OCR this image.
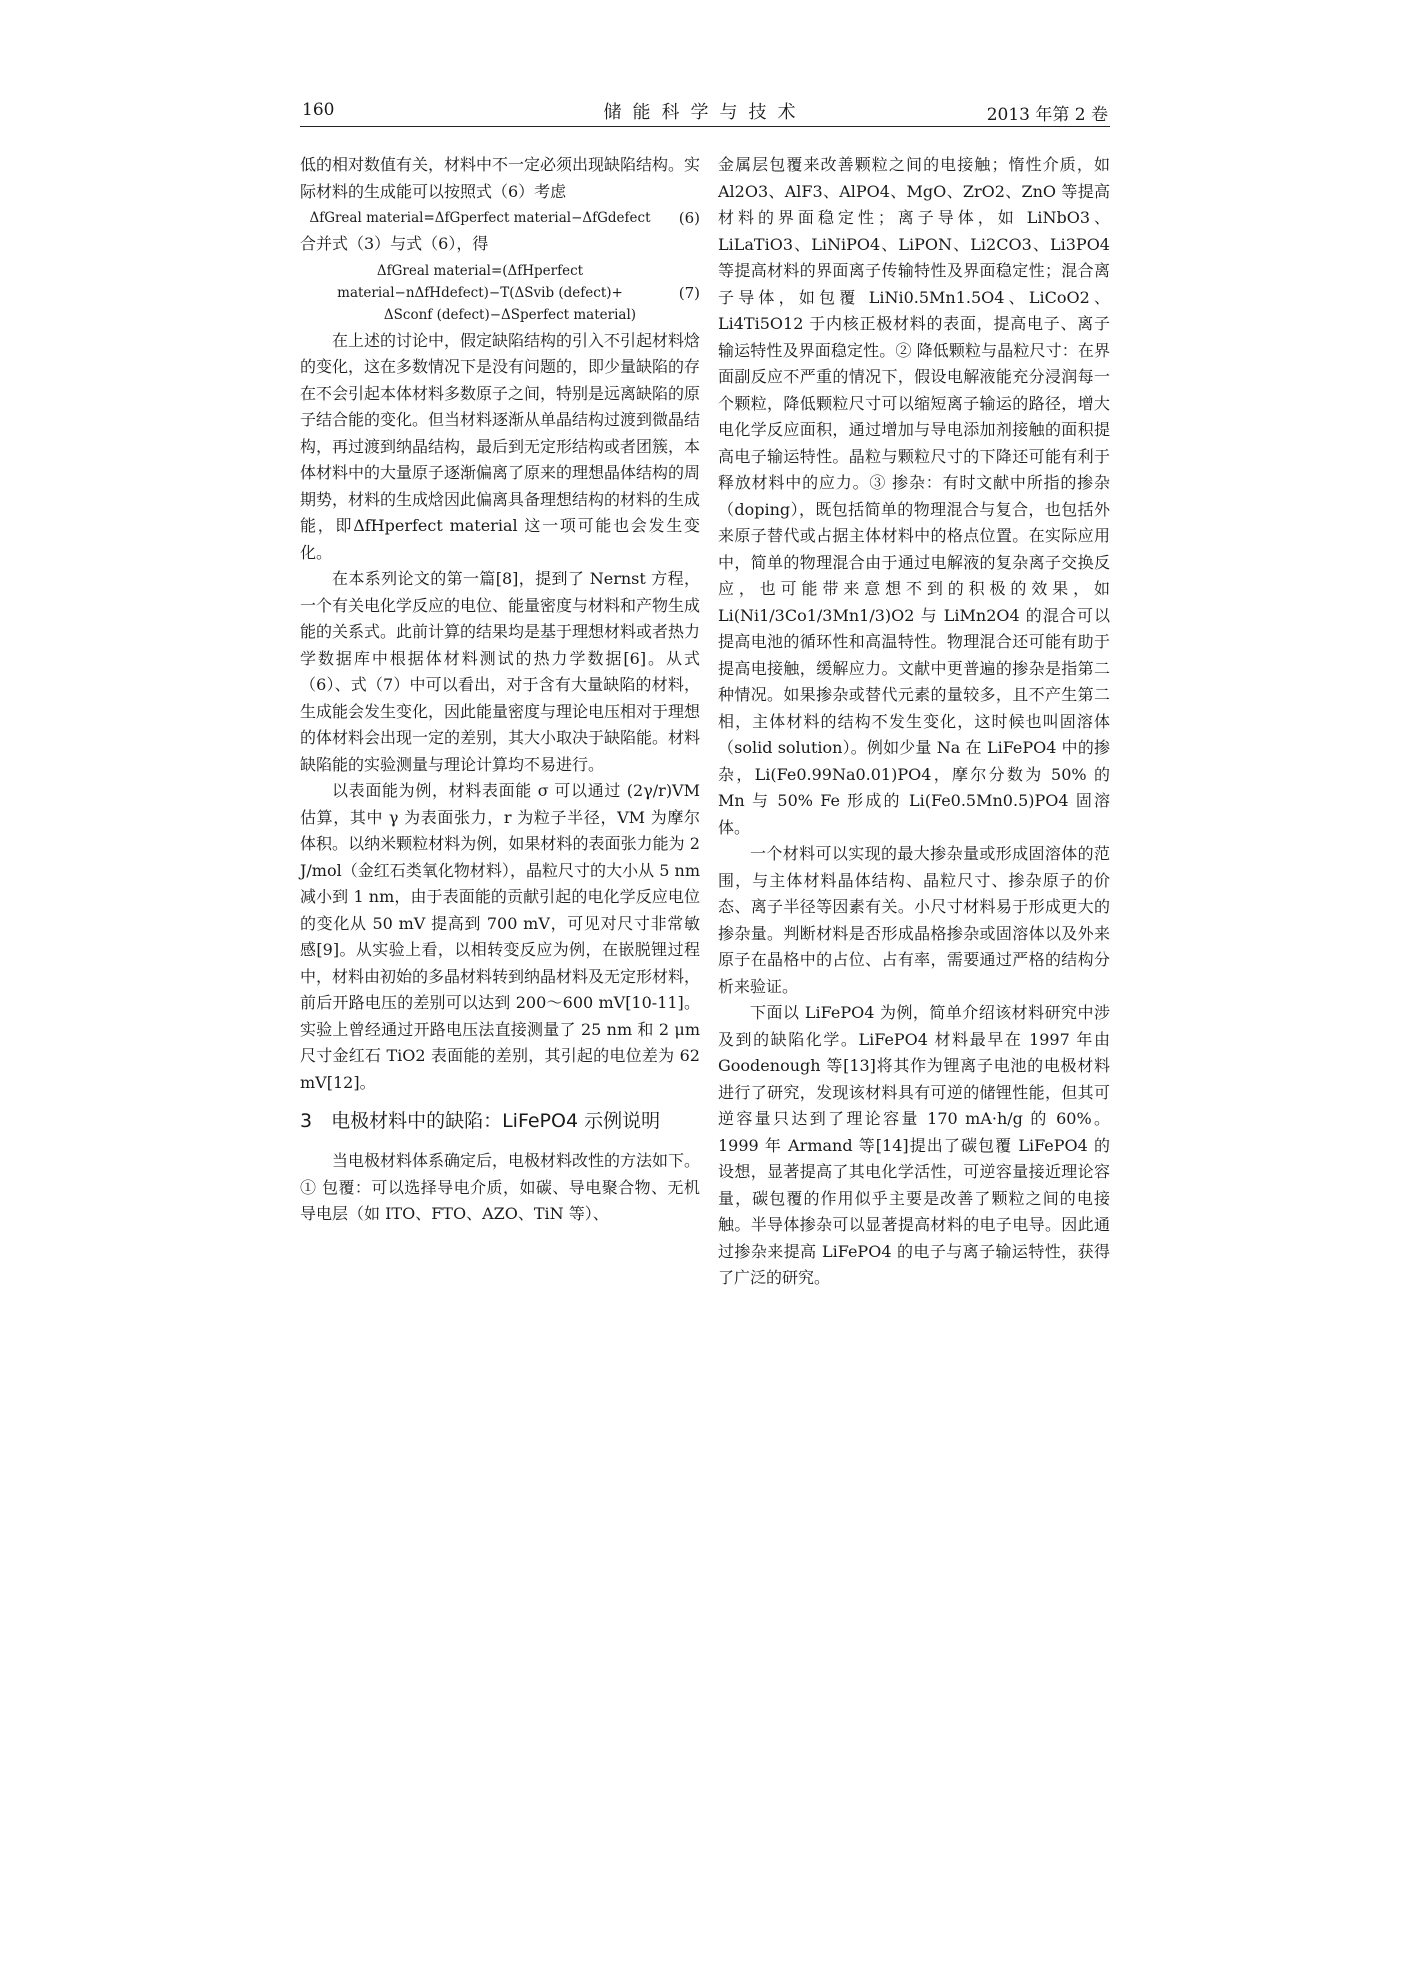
160	储能科学与技术	2013 年第 2 卷

低的相对数值有关，材料中不一定必须出现缺陷结构。实际材料的生成能可以按照式（6）考虑

ΔfGreal material=ΔfGperfect material−ΔfGdefect (6)

合并式（3）与式（6），得

ΔfGreal material=(ΔfHperfect material−nΔfHdefect)−T(ΔSvib (defect)+
ΔSconf (defect)−ΔSperfect material)
(7)

在上述的讨论中，假定缺陷结构的引入不引起材料焓的变化，这在多数情况下是没有问题的，即少量缺陷的存在不会引起本体材料多数原子之间，特别是远离缺陷的原子结合能的变化。但当材料逐渐从单晶结构过渡到微晶结构，再过渡到纳晶结构，最后到无定形结构或者团簇，本体材料中的大量原子逐渐偏离了原来的理想晶体结构的周期势，材料的生成焓因此偏离具备理想结构的材料的生成能，即ΔfHperfect material 这一项可能也会发生变化。

在本系列论文的第一篇[8]，提到了 Nernst 方程，一个有关电化学反应的电位、能量密度与材料和产物生成能的关系式。此前计算的结果均是基于理想材料或者热力学数据库中根据体材料测试的热力学数据[6]。从式（6）、式（7）中可以看出，对于含有大量缺陷的材料，生成能会发生变化，因此能量密度与理论电压相对于理想的体材料会出现一定的差别，其大小取决于缺陷能。材料缺陷能的实验测量与理论计算均不易进行。

以表面能为例，材料表面能 σ 可以通过 (2γ/r)VM 估算，其中 γ 为表面张力，r 为粒子半径，VM 为摩尔体积。以纳米颗粒材料为例，如果材料的表面张力能为 2 J/mol（金红石类氧化物材料），晶粒尺寸的大小从 5 nm 减小到 1 nm，由于表面能的贡献引起的电化学反应电位的变化从 50 mV 提高到 700 mV，可见对尺寸非常敏感[9]。从实验上看，以相转变反应为例，在嵌脱锂过程中，材料由初始的多晶材料转到纳晶材料及无定形材料，前后开路电压的差别可以达到 200～600 mV[10-11]。实验上曾经通过开路电压法直接测量了 25 nm 和 2 μm 尺寸金红石 TiO2 表面能的差别，其引起的电位差为 62 mV[12]。

3　电极材料中的缺陷：LiFePO4 示例说明

当电极材料体系确定后，电极材料改性的方法如下。① 包覆：可以选择导电介质，如碳、导电聚合物、无机导电层（如 ITO、FTO、AZO、TiN 等）、

金属层包覆来改善颗粒之间的电接触；惰性介质，如 Al2O3、AlF3、AlPO4、MgO、ZrO2、ZnO 等提高材料的界面稳定性；离子导体，如 LiNbO3、LiLaTiO3、LiNiPO4、LiPON、Li2CO3、Li3PO4 等提高材料的界面离子传输特性及界面稳定性；混合离子导体，如包覆 LiNi0.5Mn1.5O4、LiCoO2、Li4Ti5O12 于内核正极材料的表面，提高电子、离子输运特性及界面稳定性。② 降低颗粒与晶粒尺寸：在界面副反应不严重的情况下，假设电解液能充分浸润每一个颗粒，降低颗粒尺寸可以缩短离子输运的路径，增大电化学反应面积，通过增加与导电添加剂接触的面积提高电子输运特性。晶粒与颗粒尺寸的下降还可能有利于释放材料中的应力。③ 掺杂：有时文献中所指的掺杂（doping），既包括简单的物理混合与复合，也包括外来原子替代或占据主体材料中的格点位置。在实际应用中，简单的物理混合由于通过电解液的复杂离子交换反应，也可能带来意想不到的积极的效果，如 Li(Ni1/3Co1/3Mn1/3)O2 与 LiMn2O4 的混合可以提高电池的循环性和高温特性。物理混合还可能有助于提高电接触，缓解应力。文献中更普遍的掺杂是指第二种情况。如果掺杂或替代元素的量较多，且不产生第二相，主体材料的结构不发生变化，这时候也叫固溶体（solid solution）。例如少量 Na 在 LiFePO4 中的掺杂，Li(Fe0.99Na0.01)PO4，摩尔分数为 50% 的 Mn 与 50% Fe 形成的 Li(Fe0.5Mn0.5)PO4 固溶体。

一个材料可以实现的最大掺杂量或形成固溶体的范围，与主体材料晶体结构、晶粒尺寸、掺杂原子的价态、离子半径等因素有关。小尺寸材料易于形成更大的掺杂量。判断材料是否形成晶格掺杂或固溶体以及外来原子在晶格中的占位、占有率，需要通过严格的结构分析来验证。

下面以 LiFePO4 为例，简单介绍该材料研究中涉及到的缺陷化学。LiFePO4 材料最早在 1997 年由 Goodenough 等[13]将其作为锂离子电池的电极材料进行了研究，发现该材料具有可逆的储锂性能，但其可逆容量只达到了理论容量 170 mA·h/g 的 60%。1999 年 Armand 等[14]提出了碳包覆 LiFePO4 的设想，显著提高了其电化学活性，可逆容量接近理论容量，碳包覆的作用似乎主要是改善了颗粒之间的电接触。半导体掺杂可以显著提高材料的电子电导。因此通过掺杂来提高 LiFePO4 的电子与离子输运特性，获得了广泛的研究。
